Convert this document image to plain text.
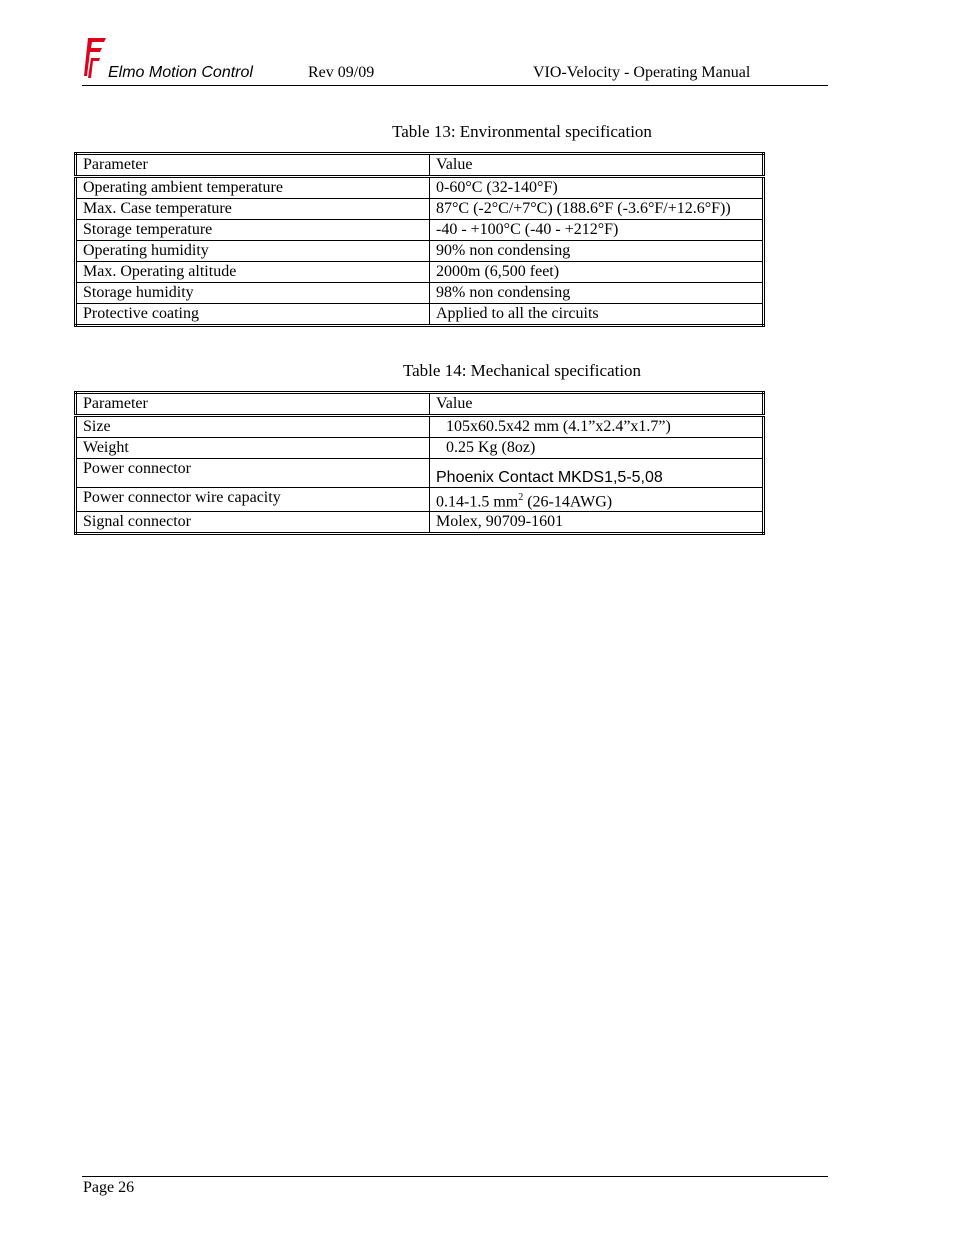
Elmo Motion Control	Rev 09/09	VIO-Velocity - Operating Manual
Table 13: Environmental specification
Parameter	Value
Operating ambient temperature	0-60°C (32-140°F)
Max. Case temperature	87°C (-2°C/+7°C) (188.6°F (-3.6°F/+12.6°F))
Storage temperature	-40 - +100°C (-40 - +212°F)
Operating humidity	90% non condensing
Max. Operating altitude	2000m (6,500 feet)
Storage humidity	98% non condensing
Protective coating	Applied to all the circuits
Table 14: Mechanical specification
Parameter	Value
Size	105x60.5x42 mm (4.1”x2.4”x1.7”)
Weight	0.25 Kg (8oz)
Power connector	Phoenix Contact MKDS1,5-5,08
Power connector wire capacity	0.14-1.5 $mm^2$ (26-14AWG)
Signal connector	Molex, 90709-1601
Page 26
